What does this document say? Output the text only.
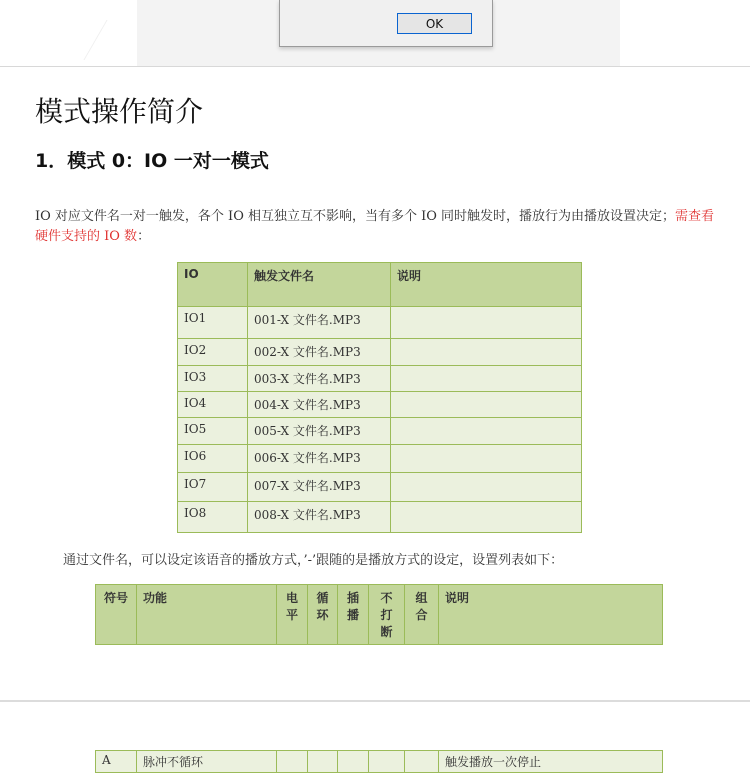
OK
模式操作简介
1．模式 0：IO 一对一模式
IO 对应文件名一对一触发，各个 IO 相互独立互不影响，当有多个 IO 同时触发时，播放行为由播放设置决定；需查看硬件支持的 IO 数：
IO	触发文件名	说明
IO1	001-X 文件名.MP3	
IO2	002-X 文件名.MP3	
IO3	003-X 文件名.MP3	
IO4	004-X 文件名.MP3	
IO5	005-X 文件名.MP3	
IO6	006-X 文件名.MP3	
IO7	007-X 文件名.MP3	
IO8	008-X 文件名.MP3	
通过文件名，可以设定该语音的播放方式，’-’跟随的是播放方式的设定，设置列表如下：
符号	功能	电平	循环	插播	不打断	组合	说明
A	脉冲不循环						触发播放一次停止
